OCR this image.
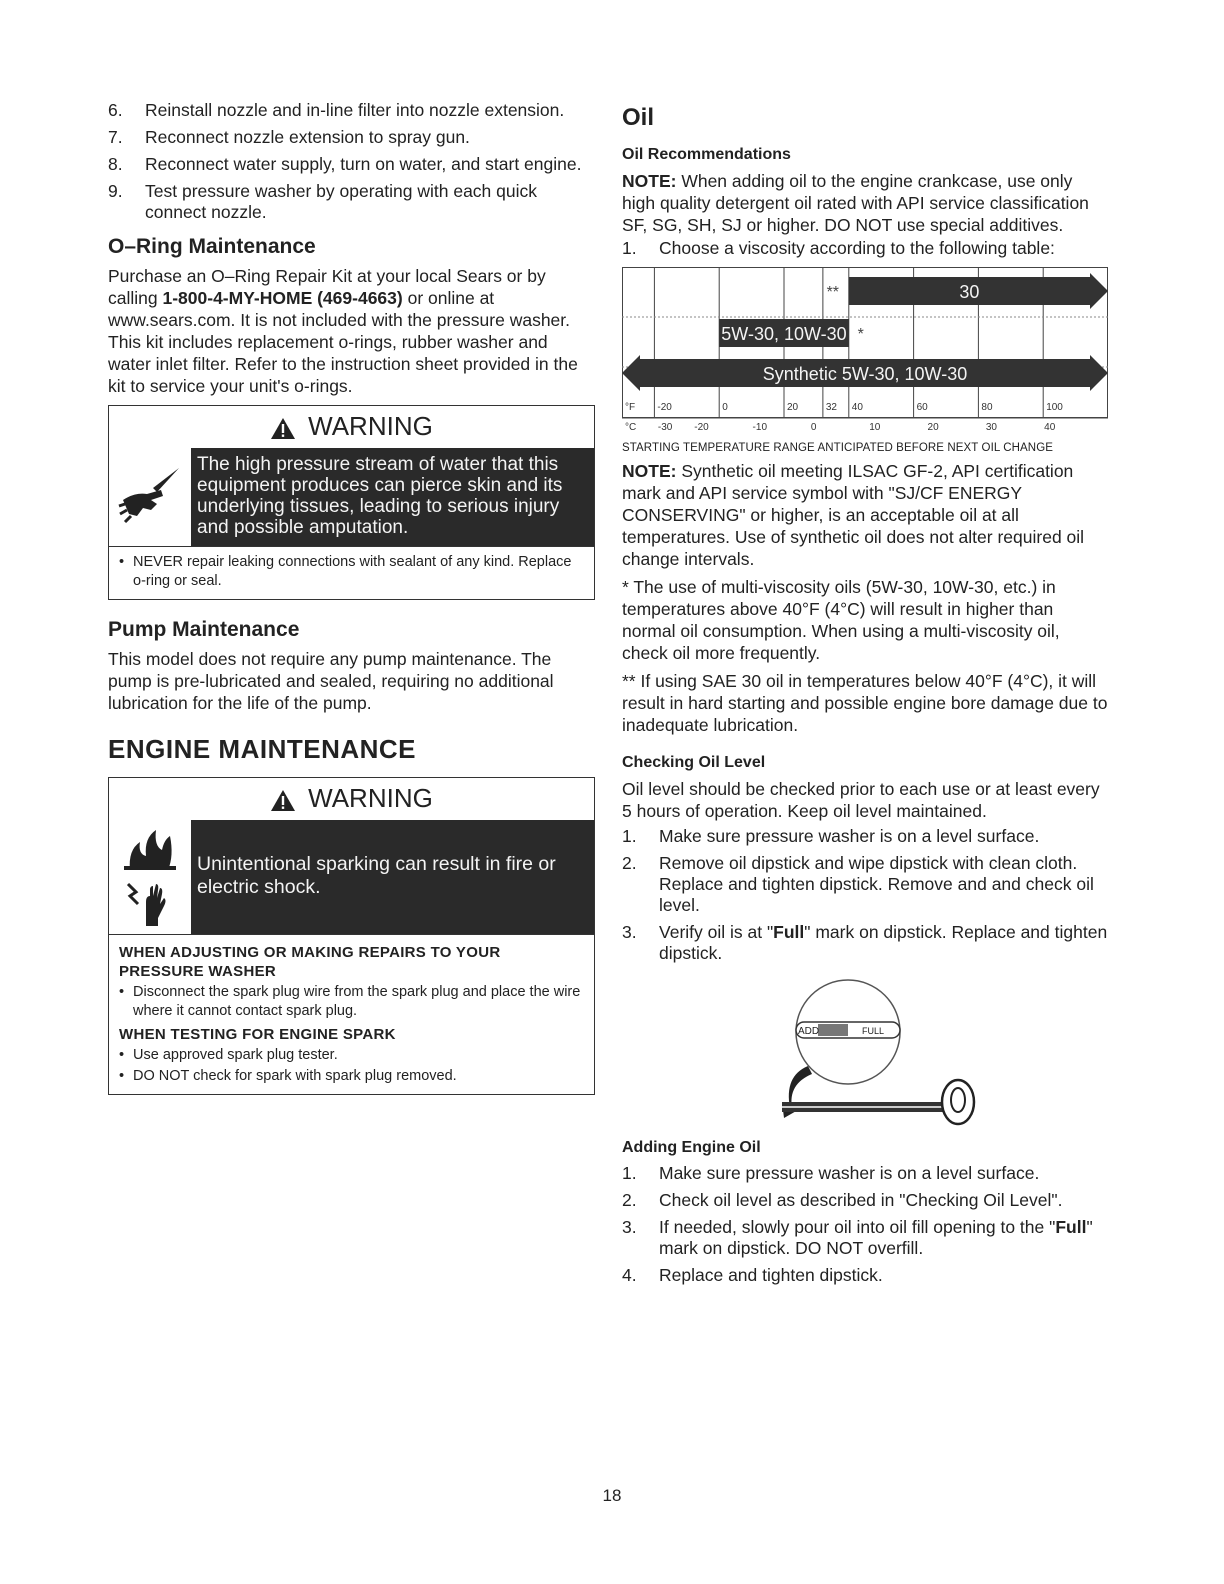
6. Reinstall nozzle and in-line filter into nozzle extension.
7. Reconnect nozzle extension to spray gun.
8. Reconnect water supply, turn on water, and start engine.
9. Test pressure washer by operating with each quick connect nozzle.
O–Ring Maintenance

Purchase an O–Ring Repair Kit at your local Sears or by calling 1-800-4-MY-HOME (469-4663) or online at www.sears.com. It is not included with the pressure washer. This kit includes replacement o-rings, rubber washer and water inlet filter. Refer to the instruction sheet provided in the kit to service your unit's o-rings.

WARNING
The high pressure stream of water that this equipment produces can pierce skin and its underlying tissues, leading to serious injury and possible amputation.
• NEVER repair leaking connections with sealant of any kind. Replace o-ring or seal.
Pump Maintenance

This model does not require any pump maintenance. The pump is pre-lubricated and sealed, requiring no additional lubrication for the life of the pump.

ENGINE MAINTENANCE
WARNING
Unintentional sparking can result in fire or electric shock.
WHEN ADJUSTING OR MAKING REPAIRS TO YOUR PRESSURE WASHER
• Disconnect the spark plug wire from the spark plug and place the wire where it cannot contact spark plug.
WHEN TESTING FOR ENGINE SPARK
• Use approved spark plug tester.
• DO NOT check for spark with spark plug removed.
Oil
Oil Recommendations

NOTE: When adding oil to the engine crankcase, use only high quality detergent oil rated with API service classification SF, SG, SH, SJ or higher. DO NOT use special additives.

1. Choose a viscosity according to the following table:
30
**
5W-30, 10W-30 *
Synthetic 5W-30, 10W-30
°F -20	0	20	32 40	60	80	100
°C -30 -20	-10	0	10	20	30	40

STARTING TEMPERATURE RANGE ANTICIPATED BEFORE NEXT OIL CHANGE

NOTE: Synthetic oil meeting ILSAC GF-2, API certification mark and API service symbol with "SJ/CF ENERGY CONSERVING" or higher, is an acceptable oil at all temperatures. Use of synthetic oil does not alter required oil change intervals.

* The use of multi-viscosity oils (5W-30, 10W-30, etc.) in temperatures above 40°F (4°C) will result in higher than normal oil consumption. When using a multi-viscosity oil, check oil more frequently.

** If using SAE 30 oil in temperatures below 40°F (4°C), it will result in hard starting and possible engine bore damage due to inadequate lubrication.

Checking Oil Level

Oil level should be checked prior to each use or at least every 5 hours of operation. Keep oil level maintained.

1. Make sure pressure washer is on a level surface.
2. Remove oil dipstick and wipe dipstick with clean cloth. Replace and tighten dipstick. Remove and and check oil level.
3. Verify oil is at "Full" mark on dipstick. Replace and tighten dipstick.
ADD	FULL
Adding Engine Oil
1. Make sure pressure washer is on a level surface.
2. Check oil level as described in "Checking Oil Level".
3. If needed, slowly pour oil into oil fill opening to the "Full" mark on dipstick. DO NOT overfill.
4. Replace and tighten dipstick.
18
